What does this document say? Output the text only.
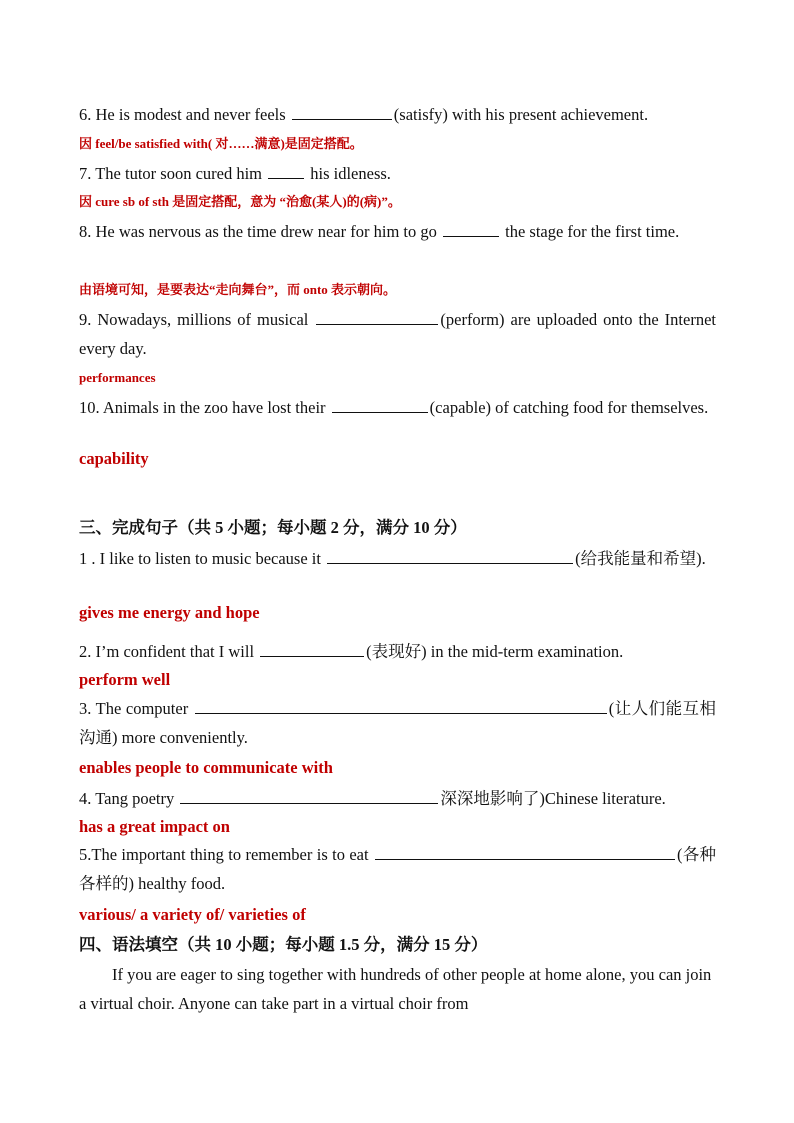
6. He is modest and never feels	(satisfy) with his present achievement.
因 feel/be satisfied with( 对……满意)是固定搭配。
7. The tutor soon cured him  his idleness.
因 cure sb of sth 是固定搭配，意为 “治愈(某人)的(病)”。
8. He was nervous as the time drew near for him to go	the stage for the first time.
由语境可知，是要表达“走向舞台”，而 onto 表示朝向。
9. Nowadays, millions of musical	(perform) are uploaded onto the Internet every day.
performances
10. Animals in the zoo have lost their	(capable) of catching food for themselves.
capability
三、完成句子（共 5 小题；每小题 2 分，满分 10 分）
1 . I like to listen to music because it	(给我能量和希望).
gives me energy and hope
2. I’m confident that I will	(表现好) in the mid-term examination.
perform well
3. The computer	(让人们能互相沟通) more conveniently.
enables people to communicate with
4. Tang poetry	深深地影响了)Chinese literature.
has a great impact on
5.The important thing to remember is to eat	(各种各样的) healthy food.
various/ a variety of/ varieties of
四、语法填空（共 10 小题；每小题 1.5 分，满分 15 分）
If you are eager to sing together with hundreds of other people at home alone, you can join a virtual choir. Anyone can take part in a virtual choir from
